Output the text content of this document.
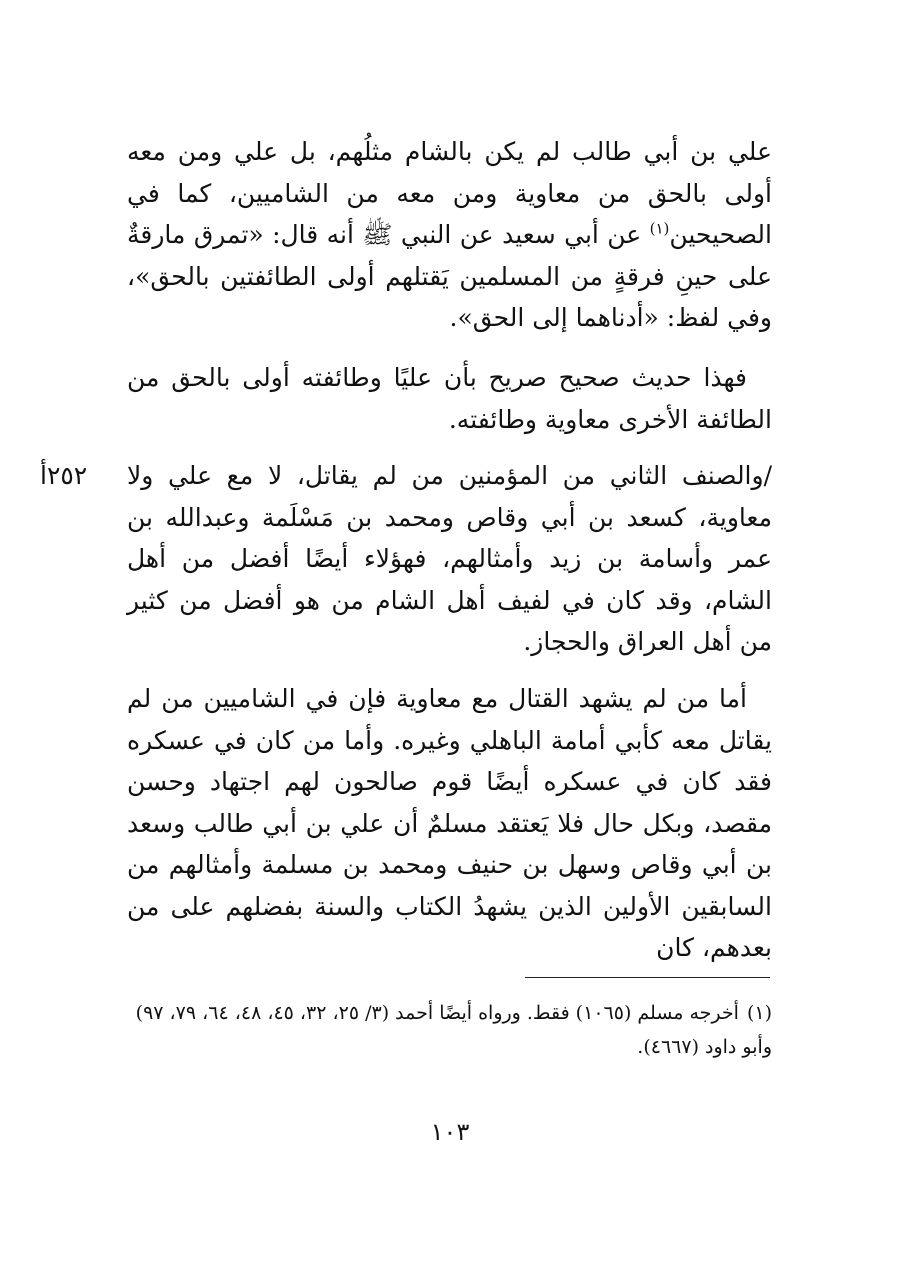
علي بن أبي طالب لم يكن بالشام مثلُهم، بل علي ومن معه أولى بالحق من معاوية ومن معه من الشاميين، كما في الصحيحين$^{(١)}$ عن أبي سعيد عن النبي ﷺ أنه قال: «تمرق مارقةٌ على حينِ فرقةٍ من المسلمين يَقتلهم أولى الطائفتين بالحق»، وفي لفظ: «أدناهما إلى الحق».

فهذا حديث صحيح صريح بأن عليًا وطائفته أولى بالحق من الطائفة الأخرى معاوية وطائفته.

/والصنف الثاني من المؤمنين من لم يقاتل، لا مع علي ولا معاوية، كسعد بن أبي وقاص ومحمد بن مَسْلَمة وعبدالله بن عمر وأسامة بن زيد وأمثالهم، فهؤلاء أيضًا أفضل من أهل الشام، وقد كان في لفيف أهل الشام من هو أفضل من كثير من أهل العراق والحجاز.

٢٥٢أ

أما من لم يشهد القتال مع معاوية فإن في الشاميين من لم يقاتل معه كأبي أمامة الباهلي وغيره. وأما من كان في عسكره فقد كان في عسكره أيضًا قوم صالحون لهم اجتهاد وحسن مقصد، وبكل حال فلا يَعتقد مسلمٌ أن علي بن أبي طالب وسعد بن أبي وقاص وسهل بن حنيف ومحمد بن مسلمة وأمثالهم من السابقين الأولين الذين يشهدُ الكتاب والسنة بفضلهم على من بعدهم، كان

(١)أخرجه مسلم (١٠٦٥) فقط. ورواه أيضًا أحمد (٣/ ٢٥، ٣٢، ٤٥، ٤٨، ٦٤، ٧٩، ٩٧) وأبو داود (٤٦٦٧).
١٠٣
